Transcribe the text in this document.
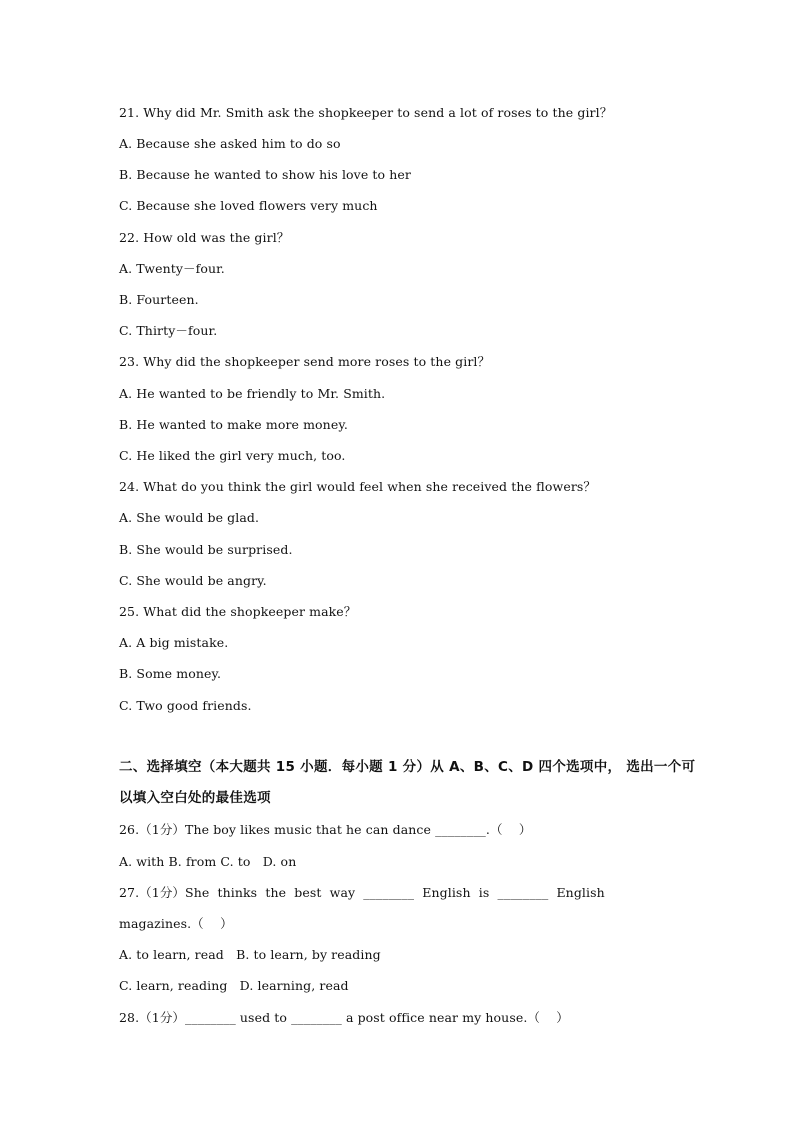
21. Why did Mr. Smith ask the shopkeeper to send a lot of roses to the girl？
A. Because she asked him to do so
B. Because he wanted to show his love to her
C. Because she loved flowers very much
22. How old was the girl？
A. Twenty－four.
B. Fourteen.
C. Thirty－four.
23. Why did the shopkeeper send more roses to the girl？
A. He wanted to be friendly to Mr. Smith.
B. He wanted to make more money.
C. He liked the girl very much, too.
24. What do you think the girl would feel when she received the flowers？
A. She would be glad.
B. She would be surprised.
C. She would be angry.
25. What did the shopkeeper make？
A. A big mistake.
B. Some money.
C. Two good friends.
二、选择填空（本大题共 15 小题．每小题 1 分）从 A、B、C、D 四个选项中， 选出一个可
以填入空白处的最佳选项
26.（1分）The boy likes music that he can dance ________.（    ）
A. with B. from C. to   D. on
27.（1分）She  thinks  the  best  way  ________  English  is  ________  English
magazines.（    ）
A. to learn, read   B. to learn, by reading
C. learn, reading   D. learning, read
28.（1分）________ used to ________ a post office near my house.（    ）
